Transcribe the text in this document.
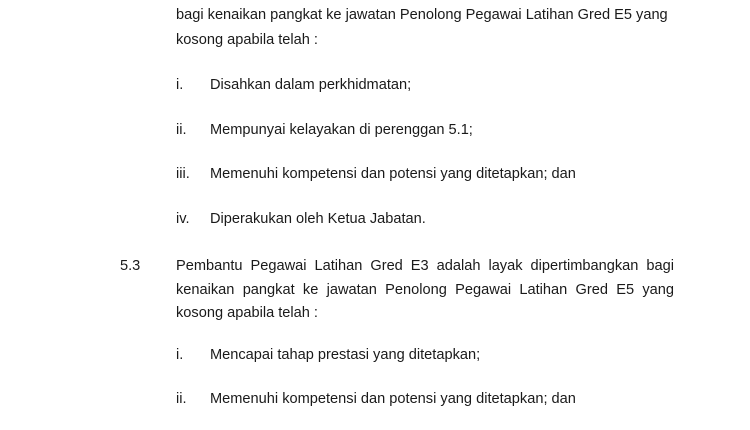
bagi kenaikan pangkat ke jawatan Penolong Pegawai Latihan Gred E5 yang
kosong apabila telah :
i. Disahkan dalam perkhidmatan;
ii. Mempunyai kelayakan di perenggan 5.1;
iii. Memenuhi kompetensi dan potensi yang ditetapkan; dan
iv. Diperakukan oleh Ketua Jabatan.
5.3 Pembantu Pegawai Latihan Gred E3 adalah layak dipertimbangkan bagi
kenaikan pangkat ke jawatan Penolong Pegawai Latihan Gred E5 yang
kosong apabila telah :
i. Mencapai tahap prestasi yang ditetapkan;
ii. Memenuhi kompetensi dan potensi yang ditetapkan; dan
